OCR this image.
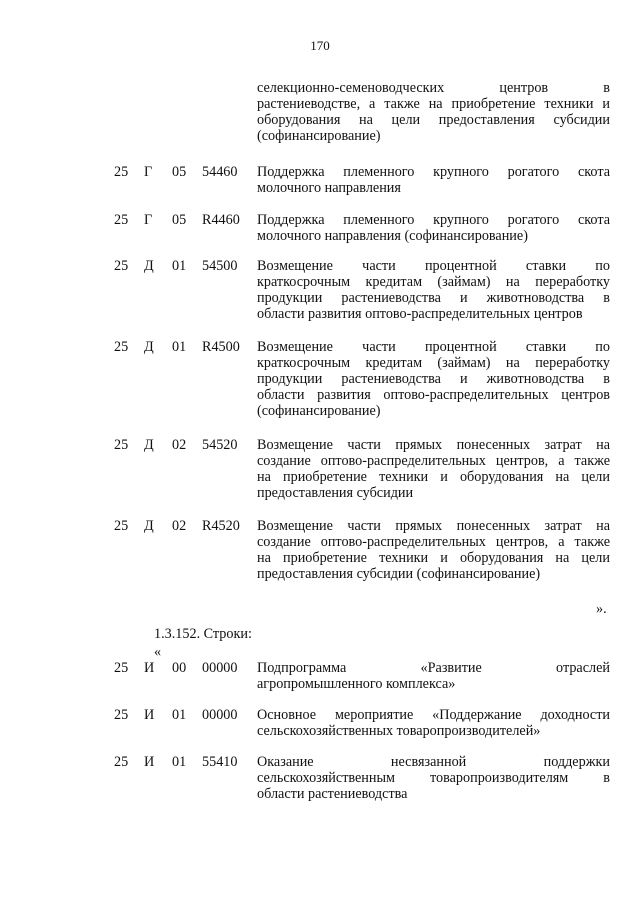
170
селекционно-семеноводческих центров в
растениеводстве, а также на приобретение техники и
оборудования на цели предоставления субсидии
(софинансирование)
25 Г 05 54460 Поддержка племенного крупного рогатого скота
молочного направления
25 Г 05 R4460 Поддержка племенного крупного рогатого скота
молочного направления (софинансирование)
25 Д 01 54500 Возмещение части процентной ставки по
краткосрочным кредитам (займам) на переработку
продукции растениеводства и животноводства в
области развития оптово-распределительных центров
25 Д 01 R4500 Возмещение части процентной ставки по
краткосрочным кредитам (займам) на переработку
продукции растениеводства и животноводства в
области развития оптово-распределительных центров
(софинансирование)
25 Д 02 54520 Возмещение части прямых понесенных затрат на
создание оптово-распределительных центров, а также
на приобретение техники и оборудования на цели
предоставления субсидии
25 Д 02 R4520 Возмещение части прямых понесенных затрат на
создание оптово-распределительных центров, а также
на приобретение техники и оборудования на цели
предоставления субсидии (софинансирование)
».
1.3.152. Строки:
«
25 И 00 00000 Подпрограмма «Развитие отраслей
агропромышленного комплекса»
25 И 01 00000 Основное мероприятие «Поддержание доходности
сельскохозяйственных товаропроизводителей»
25 И 01 55410 Оказание несвязанной поддержки
сельскохозяйственным товаропроизводителям в
области растениеводства
